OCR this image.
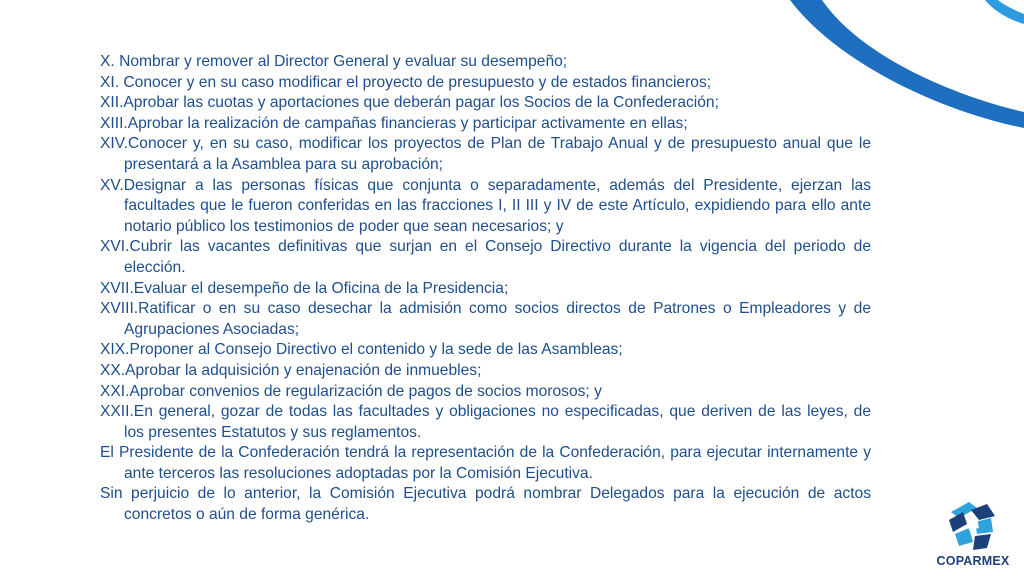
X. Nombrar y remover al Director General y evaluar su desempeño;

XI. Conocer y en su caso modificar el proyecto de presupuesto y de estados financieros;

XII.Aprobar las cuotas y aportaciones que deberán pagar los Socios de la Confederación;

XIII.Aprobar la realización de campañas financieras y participar activamente en ellas;

XIV.Conocer y, en su caso, modificar los proyectos de Plan de Trabajo Anual y de presupuesto anual que le presentará a la Asamblea para su aprobación;

XV.Designar a las personas físicas que conjunta o separadamente, además del Presidente, ejerzan las facultades que le fueron conferidas en las fracciones I, II III y IV de este Artículo, expidiendo para ello ante notario público los testimonios de poder que sean necesarios; y

XVI.Cubrir las vacantes definitivas que surjan en el Consejo Directivo durante la vigencia del periodo de elección.

XVII.Evaluar el desempeño de la Oficina de la Presidencia;

XVIII.Ratificar o en su caso desechar la admisión como socios directos de Patrones o Empleadores y de Agrupaciones Asociadas;

XIX.Proponer al Consejo Directivo el contenido y la sede de las Asambleas;

XX.Aprobar la adquisición y enajenación de inmuebles;

XXI.Aprobar convenios de regularización de pagos de socios morosos; y

XXII.En general, gozar de todas las facultades y obligaciones no especificadas, que deriven de las leyes, de los presentes Estatutos y sus reglamentos.

El Presidente de la Confederación tendrá la representación de la Confederación, para ejecutar internamente y ante terceros las resoluciones adoptadas por la Comisión Ejecutiva.

Sin perjuicio de lo anterior, la Comisión Ejecutiva podrá nombrar Delegados para la ejecución de actos concretos o aún de forma genérica.

COPARMEX
